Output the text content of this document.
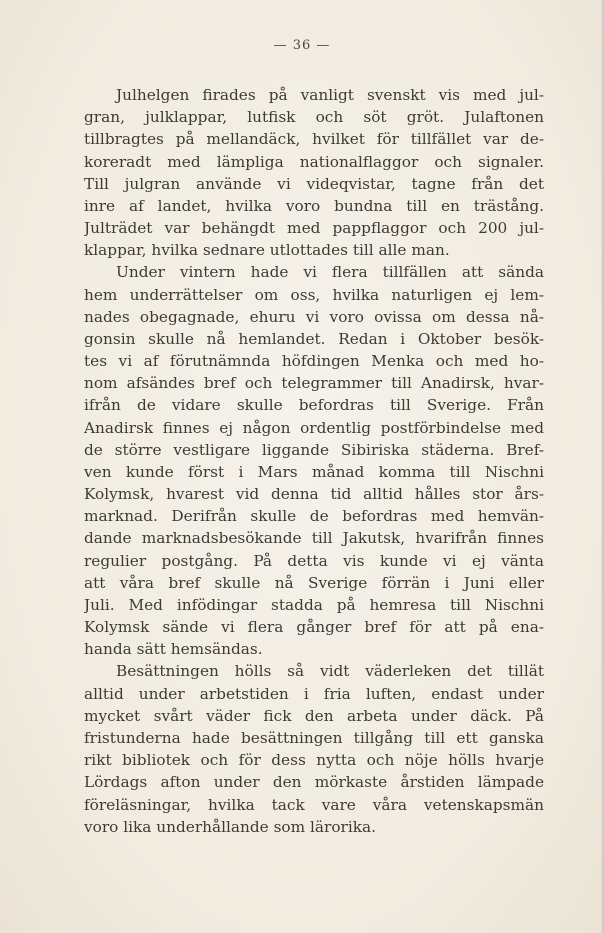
— 36 —
Julhelgen firades på vanligt svenskt vis med jul-
gran, julklappar, lutfisk och söt gröt. Julaftonen
tillbragtes på mellandäck, hvilket för tillfället var de-
koreradt med lämpliga nationalflaggor och signaler.
Till julgran använde vi videqvistar, tagne från det
inre af landet, hvilka voro bundna till en trästång.
Julträdet var behängdt med pappflaggor och 200 jul-
klappar, hvilka sednare utlottades till alle man.
Under vintern hade vi flera tillfällen att sända
hem underrättelser om oss, hvilka naturligen ej lem-
nades obegagnade, ehuru vi voro ovissa om dessa nå-
gonsin skulle nå hemlandet. Redan i Oktober besök-
tes vi af förutnämnda höfdingen Menka och med ho-
nom afsändes bref och telegrammer till Anadirsk, hvar-
ifrån de vidare skulle befordras till Sverige. Från
Anadirsk finnes ej någon ordentlig postförbindelse med
de större vestligare liggande Sibiriska städerna. Bref-
ven kunde först i Mars månad komma till Nischni
Kolymsk, hvarest vid denna tid alltid hålles stor års-
marknad. Derifrån skulle de befordras med hemvän-
dande marknadsbesökande till Jakutsk, hvarifrån finnes
regulier postgång. På detta vis kunde vi ej vänta
att våra bref skulle nå Sverige förrän i Juni eller
Juli. Med infödingar stadda på hemresa till Nischni
Kolymsk sände vi flera gånger bref för att på ena-
handa sätt hemsändas.
Besättningen hölls så vidt väderleken det tillät
alltid under arbetstiden i fria luften, endast under
mycket svårt väder fick den arbeta under däck. På
fristunderna hade besättningen tillgång till ett ganska
rikt bibliotek och för dess nytta och nöje hölls hvarje
Lördags afton under den mörkaste årstiden lämpade
föreläsningar, hvilka tack vare våra vetenskapsmän
voro lika underhållande som lärorika.
